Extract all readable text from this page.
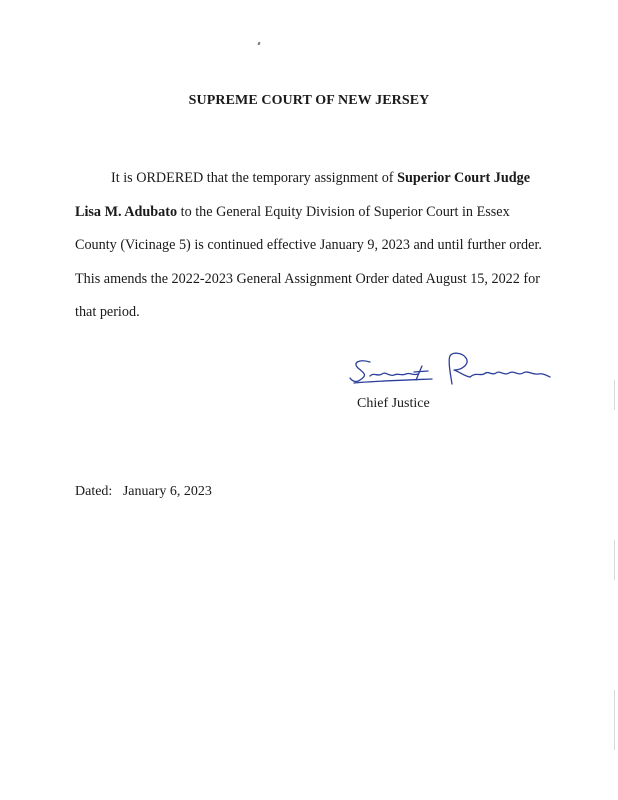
SUPREME COURT OF NEW JERSEY

It is ORDERED that the temporary assignment of Superior Court Judge Lisa M. Adubato to the General Equity Division of Superior Court in Essex County (Vicinage 5) is continued effective January 9, 2023 and until further order. This amends the 2022-2023 General Assignment Order dated August 15, 2022 for that period.

Chief Justice
Dated: January 6, 2023
